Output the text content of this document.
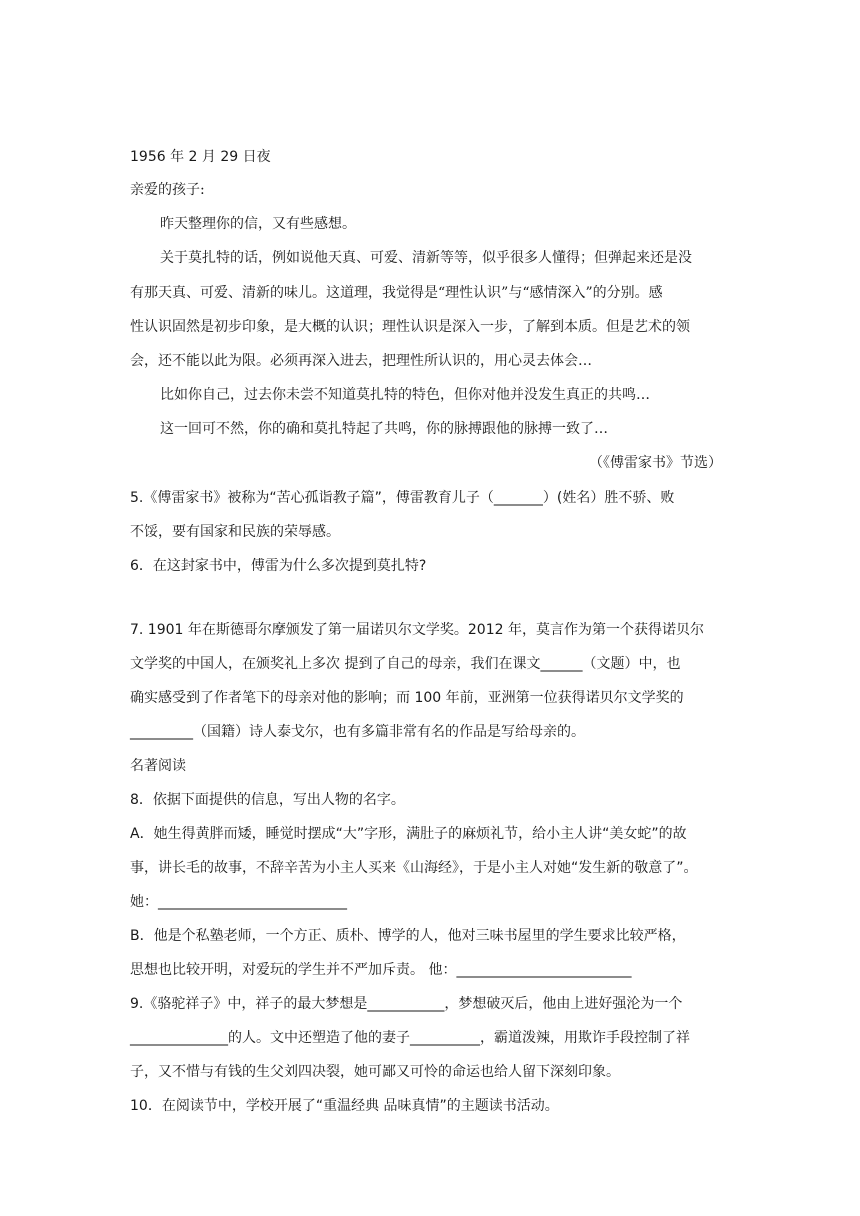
1956 年 2 月 29 日夜
亲爱的孩子:
昨天整理你的信，又有些感想。
关于莫扎特的话，例如说他天真、可爱、清新等等，似乎很多人懂得；但弹起来还是没
有那天真、可爱、清新的味儿。这道理，我觉得是“理性认识”与“感情深入”的分别。感
性认识固然是初步印象，是大概的认识；理性认识是深入一步，了解到本质。但是艺术的领
会，还不能以此为限。必须再深入进去，把理性所认识的，用心灵去体会…
比如你自己，过去你未尝不知道莫扎特的特色，但你对他并没发生真正的共鸣…
这一回可不然，你的确和莫扎特起了共鸣，你的脉搏跟他的脉搏一致了…
（《傅雷家书》节选）
5.《傅雷家书》被称为“苦心孤诣教子篇”，傅雷教育儿子（_______）(姓名）胜不骄、败
不馁，要有国家和民族的荣辱感。
6．在这封家书中，傅雷为什么多次提到莫扎特?
7. 1901 年在斯德哥尔摩颁发了第一届诺贝尔文学奖。2012 年，莫言作为第一个获得诺贝尔
文学奖的中国人，在颁奖礼上多次 提到了自己的母亲，我们在课文______（文题）中，也
确实感受到了作者笔下的母亲对他的影响；而 100 年前，亚洲第一位获得诺贝尔文学奖的
_________（国籍）诗人泰戈尔，也有多篇非常有名的作品是写给母亲的。
名著阅读
8．依据下面提供的信息，写出人物的名字。
A．她生得黄胖而矮，睡觉时摆成“大”字形，满肚子的麻烦礼节，给小主人讲“美女蛇”的故
事，讲长毛的故事，不辞辛苦为小主人买来《山海经》，于是小主人对她“发生新的敬意了”。
她：___________________________
B．他是个私塾老师，一个方正、质朴、博学的人，他对三味书屋里的学生要求比较严格，
思想也比较开明，对爱玩的学生并不严加斥责。 他：_________________________
9.《骆驼祥子》中，祥子的最大梦想是___________，梦想破灭后，他由上进好强沦为一个
______________的人。文中还塑造了他的妻子__________，霸道泼辣，用欺诈手段控制了祥
子，又不惜与有钱的生父刘四决裂，她可鄙又可怜的命运也给人留下深刻印象。
10．在阅读节中，学校开展了“重温经典 品味真情”的主题读书活动。
